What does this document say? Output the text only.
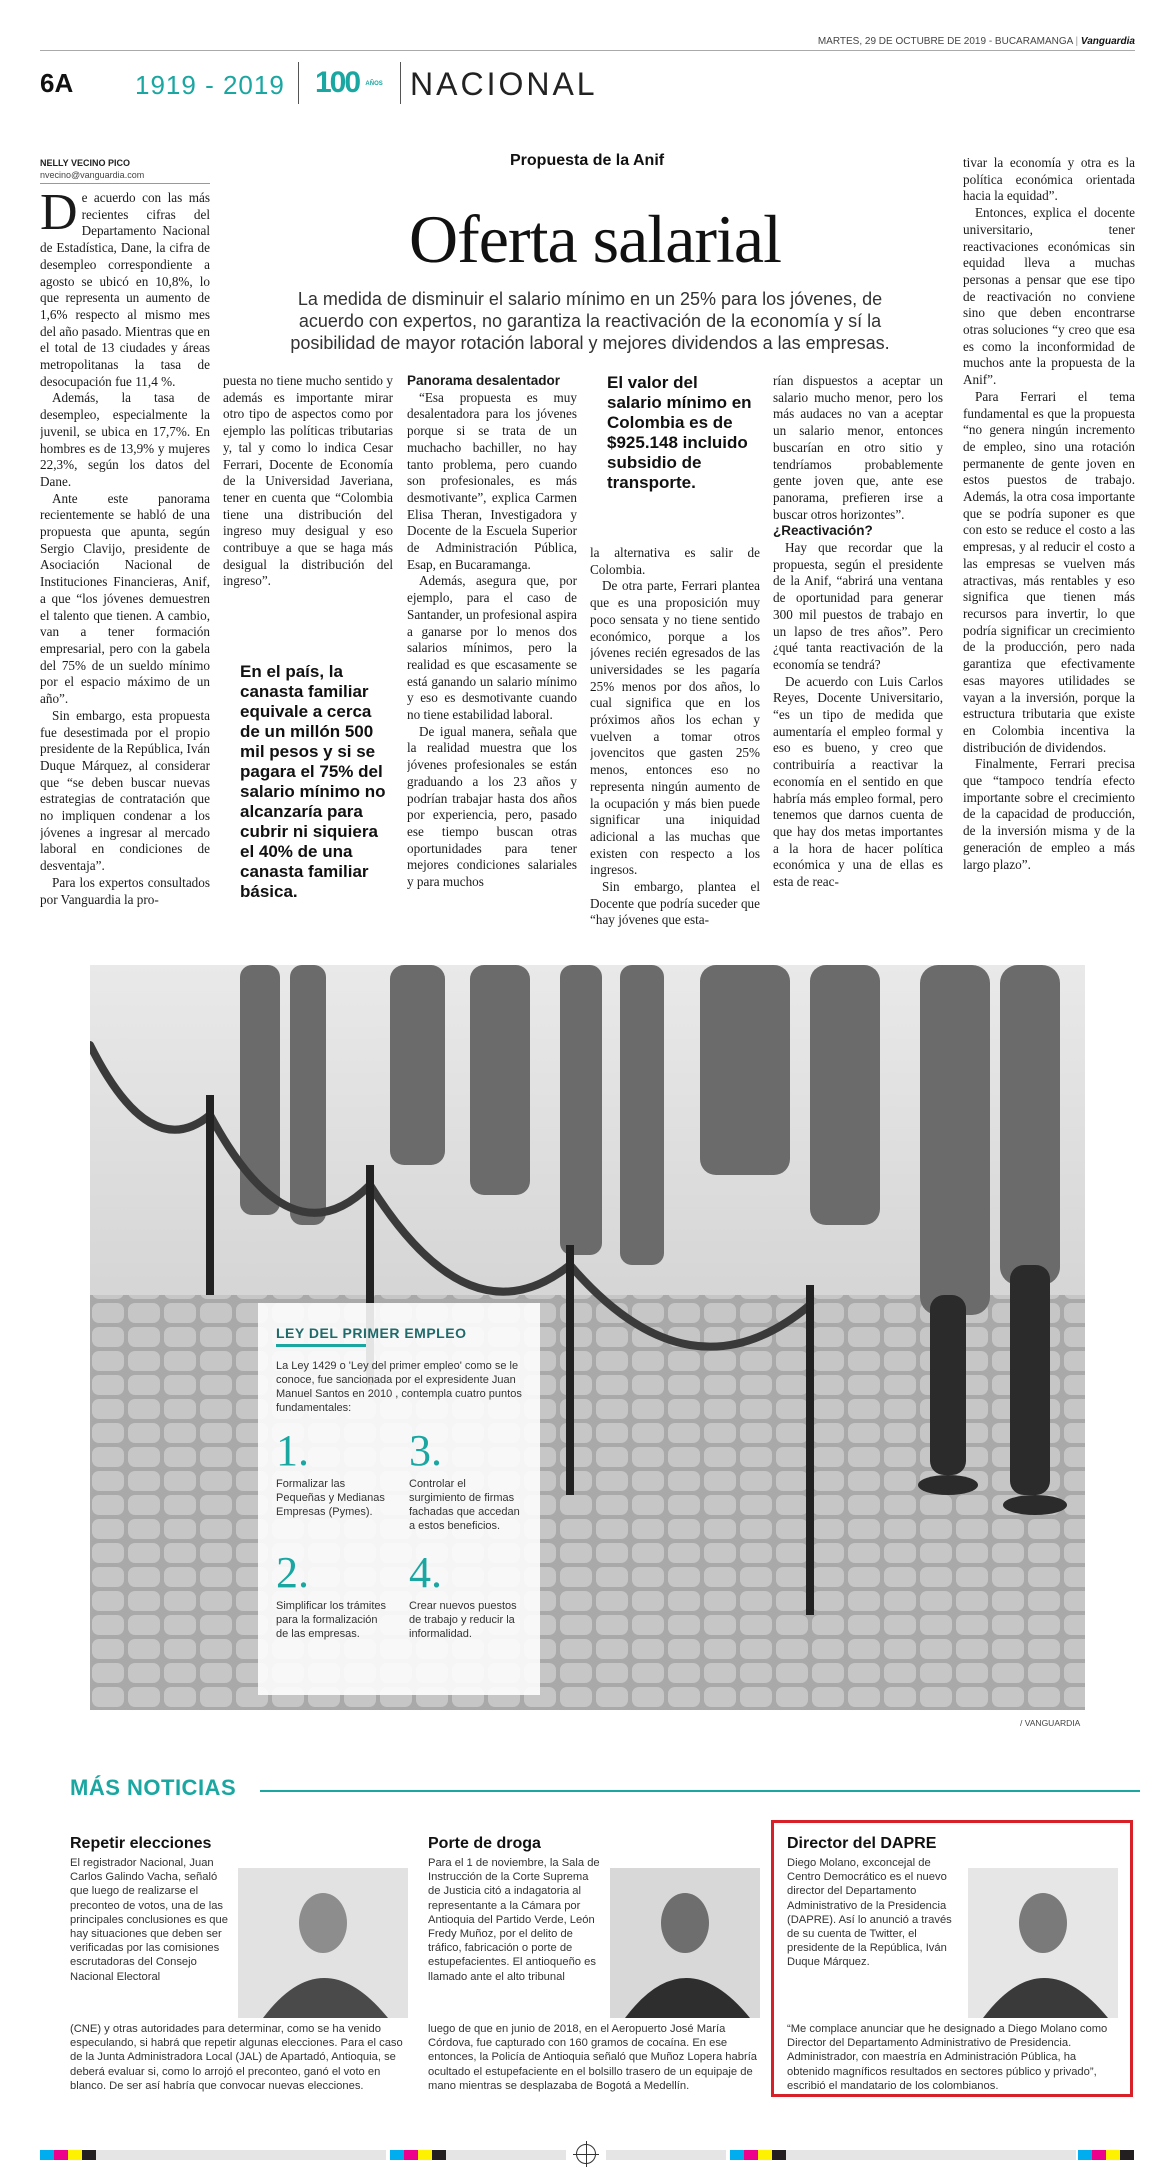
MARTES, 29 DE OCTUBRE DE 2019 - BUCARAMANGA | Vanguardia
6A 1919 - 2019 100 AÑOS NACIONAL
NELLY VECINO PICO
nvecino@vanguardia.com
Propuesta de la Anif
Oferta salarial
La medida de disminuir el salario mínimo en un 25% para los jóvenes, de acuerdo con expertos, no garantiza la reactivación de la economía y sí la posibilidad de mayor rotación laboral y mejores dividendos a las empresas.

De acuerdo con las más recientes cifras del Departamento Nacional de Estadística, Dane, la cifra de desempleo correspondiente a agosto se ubicó en 10,8%, lo que representa un aumento de 1,6% respecto al mismo mes del año pasado. Mientras que en el total de 13 ciudades y áreas metropolitanas la tasa de desocupación fue 11,4 %.

Además, la tasa de desempleo, especialmente la juvenil, se ubica en 17,7%. En hombres es de 13,9% y mujeres 22,3%, según los datos del Dane.

Ante este panorama recientemente se habló de una propuesta que apunta, según Sergio Clavijo, presidente de Asociación Nacional de Instituciones Financieras, Anif, a que “los jóvenes demuestren el talento que tienen. A cambio, van a tener formación empresarial, pero con la gabela del 75% de un sueldo mínimo por el espacio máximo de un año”.

Sin embargo, esta propuesta fue desestimada por el propio presidente de la República, Iván Duque Márquez, al considerar que “se deben buscar nuevas estrategias de contratación que no impliquen condenar a los jóvenes a ingresar al mercado laboral en condiciones de desventaja”.

Para los expertos consultados por Vanguardia la pro-

puesta no tiene mucho sentido y además es importante mirar otro tipo de aspectos como por ejemplo las políticas tributarias y, tal y como lo indica Cesar Ferrari, Docente de Economía de la Universidad Javeriana, tener en cuenta que “Colombia tiene una distribución del ingreso muy desigual y eso contribuye a que se haga más desigual la distribución del ingreso”.

En el país, la canasta familiar equivale a cerca de un millón 500 mil pesos y si se pagara el 75% del salario mínimo no alcanzaría para cubrir ni siquiera el 40% de una canasta familiar básica.

Panorama desalentador

“Esa propuesta es muy desalentadora para los jóvenes porque si se trata de un muchacho bachiller, no hay tanto problema, pero cuando son profesionales, es más desmotivante”, explica Carmen Elisa Theran, Investigadora y Docente de la Escuela Superior de Administración Pública, Esap, en Bucaramanga.

Además, asegura que, por ejemplo, para el caso de Santander, un profesional aspira a ganarse por lo menos dos salarios mínimos, pero la realidad es que escasamente se está ganando un salario mínimo y eso es desmotivante cuando no tiene estabilidad laboral.

De igual manera, señala que la realidad muestra que los jóvenes profesionales se están graduando a los 23 años y podrían trabajar hasta dos años por experiencia, pero, pasado ese tiempo buscan otras oportunidades para tener mejores condiciones salariales y para muchos

El valor del salario mínimo en Colombia es de $925.148 incluido subsidio de transporte.

la alternativa es salir de Colombia.

De otra parte, Ferrari plantea que es una proposición muy poco sensata y no tiene sentido económico, porque a los jóvenes recién egresados de las universidades se les pagaría 25% menos por dos años, lo cual significa que en los próximos años los echan y vuelven a tomar otros jovencitos que gasten 25% menos, entonces eso no representa ningún aumento de la ocupación y más bien puede significar una iniquidad adicional a las muchas que existen con respecto a los ingresos.

Sin embargo, plantea el Docente que podría suceder que “hay jóvenes que esta-

rían dispuestos a aceptar un salario mucho menor, pero los más audaces no van a aceptar un salario menor, entonces buscarían en otro sitio y tendríamos probablemente gente joven que, ante ese panorama, prefieren irse a buscar otros horizontes”.

¿Reactivación?

Hay que recordar que la propuesta, según el presidente de la Anif, “abrirá una ventana de oportunidad para generar 300 mil puestos de trabajo en un lapso de tres años”. Pero ¿qué tanta reactivación de la economía se tendrá?

De acuerdo con Luis Carlos Reyes, Docente Universitario, “es un tipo de medida que aumentaría el empleo formal y eso es bueno, y creo que contribuiría a reactivar la economía en el sentido en que habría más empleo formal, pero tenemos que darnos cuenta de que hay dos metas importantes a la hora de hacer política económica y una de ellas es esta de reac-

tivar la economía y otra es la política económica orientada hacia la equidad”.

Entonces, explica el docente universitario, tener reactivaciones económicas sin equidad lleva a muchas personas a pensar que ese tipo de reactivación no conviene sino que deben encontrarse otras soluciones “y creo que esa es como la inconformidad de muchos ante la propuesta de la Anif”.

Para Ferrari el tema fundamental es que la propuesta “no genera ningún incremento de empleo, sino una rotación permanente de gente joven en estos puestos de trabajo. Además, la otra cosa importante que se podría suponer es que con esto se reduce el costo a las empresas, y al reducir el costo a las empresas se vuelven más atractivas, más rentables y eso significa que tienen más recursos para invertir, lo que podría significar un crecimiento de la producción, pero nada garantiza que efectivamente esas mayores utilidades se vayan a la inversión, porque la estructura tributaria que existe en Colombia incentiva la distribución de dividendos.

Finalmente, Ferrari precisa que “tampoco tendría efecto importante sobre el crecimiento de la capacidad de producción, de la inversión misma y de la generación de empleo a más largo plazo”.

/ VANGUARDIA
LEY DEL PRIMER EMPLEO
La Ley 1429 o 'Ley del primer empleo' como se le conoce, fue sancionada por el expresidente Juan Manuel Santos en 2010 , contempla cuatro puntos fundamentales:
1.
Formalizar las Pequeñas y Medianas Empresas (Pymes).
3.
Controlar el surgimiento de firmas fachadas que accedan a estos beneficios.
2.
Simplificar los trámites para la formalización de las empresas.
4.
Crear nuevos puestos de trabajo y reducir la informalidad.
MÁS NOTICIAS
Repetir elecciones
El registrador Nacional, Juan Carlos Galindo Vacha, señaló que luego de realizarse el preconteo de votos, una de las principales conclusiones es que hay situaciones que deben ser verificadas por las comisiones escrutadoras del Consejo Nacional Electoral
(CNE) y otras autoridades para determinar, como se ha venido especulando, si habrá que repetir algunas elecciones. Para el caso de la Junta Administradora Local (JAL) de Apartadó, Antioquia, se deberá evaluar si, como lo arrojó el preconteo, ganó el voto en blanco. De ser así habría que convocar nuevas elecciones.
Porte de droga
Para el 1 de noviembre, la Sala de Instrucción de la Corte Suprema de Justicia citó a indagatoria al representante a la Cámara por Antioquia del Partido Verde, León Fredy Muñoz, por el delito de tráfico, fabricación o porte de estupefacientes. El antioqueño es llamado ante el alto tribunal
luego de que en junio de 2018, en el Aeropuerto José María Córdova, fue capturado con 160 gramos de cocaína. En ese entonces, la Policía de Antioquia señaló que Muñoz Lopera habría ocultado el estupefaciente en el bolsillo trasero de un equipaje de mano mientras se desplazaba de Bogotá a Medellín.
Director del DAPRE
Diego Molano, exconcejal de Centro Democrático es el nuevo director del Departamento Administrativo de la Presidencia (DAPRE). Así lo anunció a través de su cuenta de Twitter, el presidente de la República, Iván Duque Márquez.
“Me complace anunciar que he designado a Diego Molano como Director del Departamento Administrativo de Presidencia. Administrador, con maestría en Administración Pública, ha obtenido magníficos resultados en sectores público y privado”, escribió el mandatario de los colombianos.
